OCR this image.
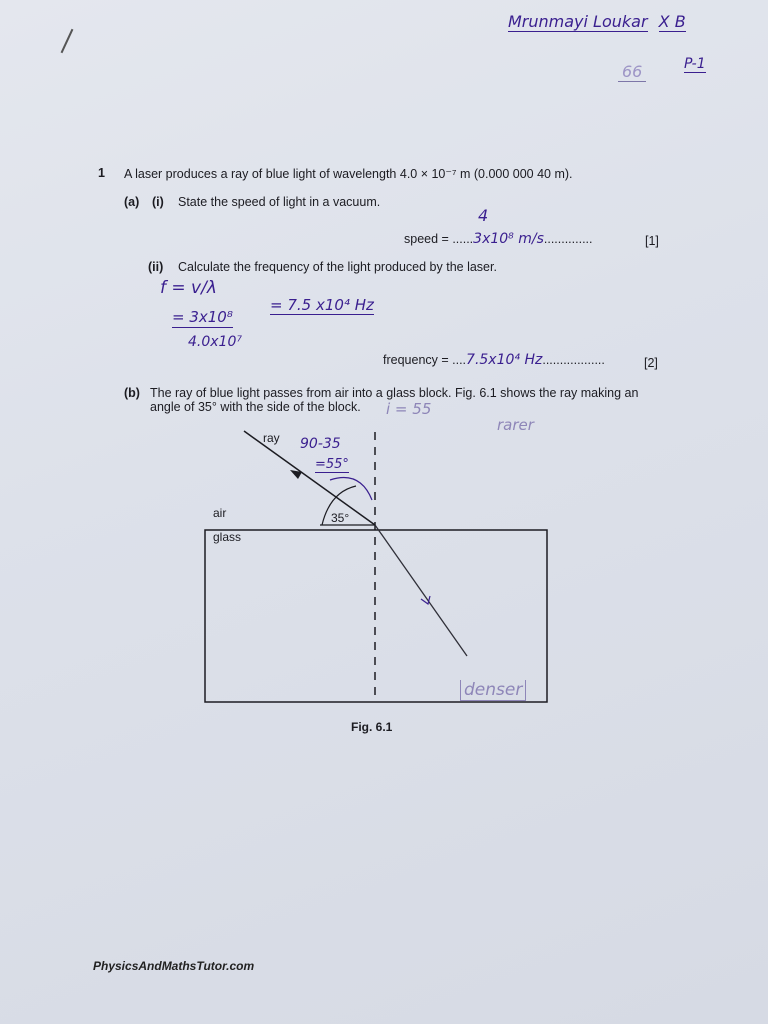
Mrunmayi Loukar X B
66	P-1
1 A laser produces a ray of blue light of wavelength 4.0 × 10⁻⁷ m (0.000 000 40 m).
(a) (i) State the speed of light in a vacuum.
4
speed = ......3x10⁸ m/s..............	[1]
(ii) Calculate the frequency of the light produced by the laser.
f = v/λ
= 3x10⁸
4.0x10⁷
= 7.5 x10⁴ Hz
frequency = ....7.5x10⁴ Hz..................	[2]
(b) The ray of blue light passes from air into a glass block. Fig. 6.1 shows the ray making an
angle of 35° with the side of the block. i = 55
rarer
ray 90-35
=55°
air	35°
glass
denser
Fig. 6.1
PhysicsAndMathsTutor.com
